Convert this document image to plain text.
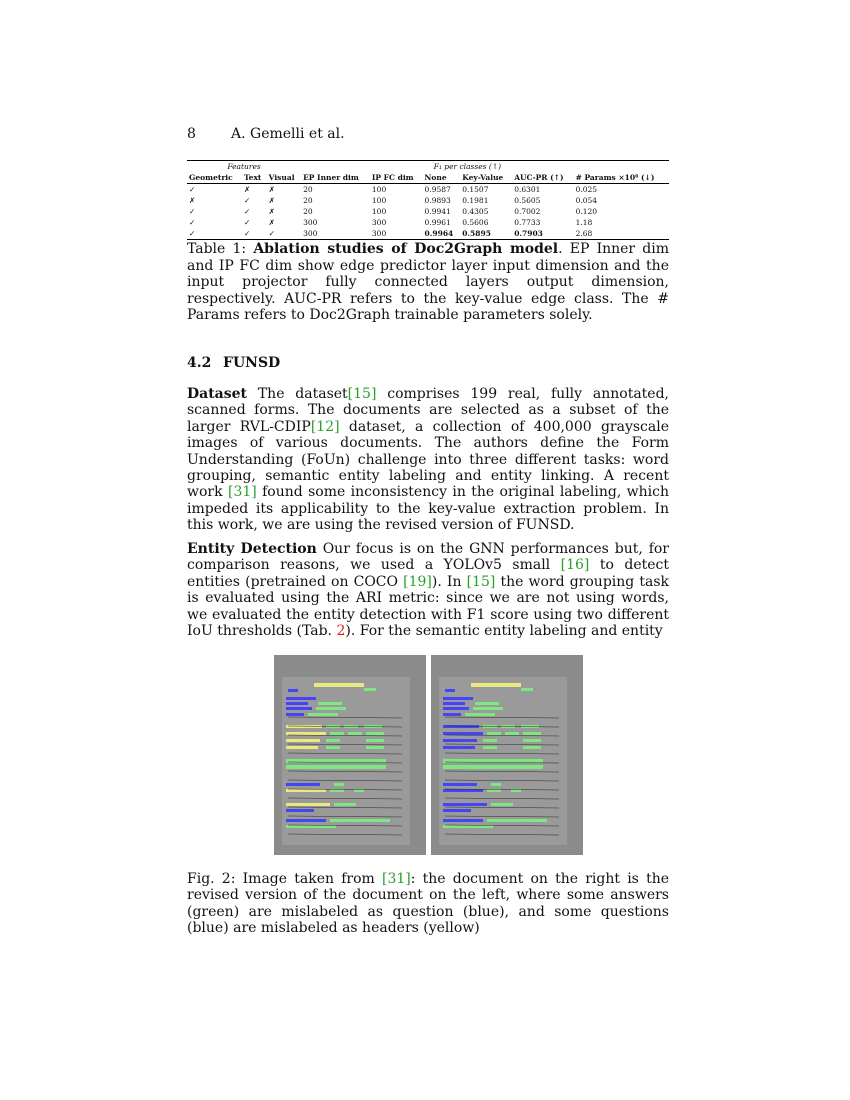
8	A. Gemelli et al.
Features					F₁ per classes (↑)			
Geometric	Text	Visual	EP Inner dim	IP FC dim	None	Key-Value	AUC-PR (↑)	# Params ×10⁶ (↓)
✓	✗	✗	20	100	0.9587	0.1507	0.6301	0.025
✗	✓	✗	20	100	0.9893	0.1981	0.5605	0.054
✓	✓	✗	20	100	0.9941	0.4305	0.7002	0.120
✓	✓	✗	300	300	0.9961	0.5606	0.7733	1.18
✓	✓	✓	300	300	0.9964	0.5895	0.7903	2.68
Table 1: Ablation studies of Doc2Graph model. EP Inner dim and IP FC dim show edge predictor layer input dimension and the input projector fully connected layers output dimension, respectively. AUC-PR refers to the key-value edge class. The # Params refers to Doc2Graph trainable parameters solely.
4.2 FUNSD
Dataset The dataset[15] comprises 199 real, fully annotated, scanned forms. The documents are selected as a subset of the larger RVL-CDIP[12] dataset, a collection of 400,000 grayscale images of various documents. The authors define the Form Understanding (FoUn) challenge into three different tasks: word grouping, semantic entity labeling and entity linking. A recent work [31] found some inconsistency in the original labeling, which impeded its applicability to the key-value extraction problem. In this work, we are using the revised version of FUNSD.
Entity Detection Our focus is on the GNN performances but, for comparison reasons, we used a YOLOv5 small [16] to detect entities (pretrained on COCO [19]). In [15] the word grouping task is evaluated using the ARI metric: since we are not using words, we evaluated the entity detection with F1 score using two different IoU thresholds (Tab. 2). For the semantic entity labeling and entity
Fig. 2: Image taken from [31]: the document on the right is the revised version of the document on the left, where some answers (green) are mislabeled as question (blue), and some questions (blue) are mislabeled as headers (yellow)
